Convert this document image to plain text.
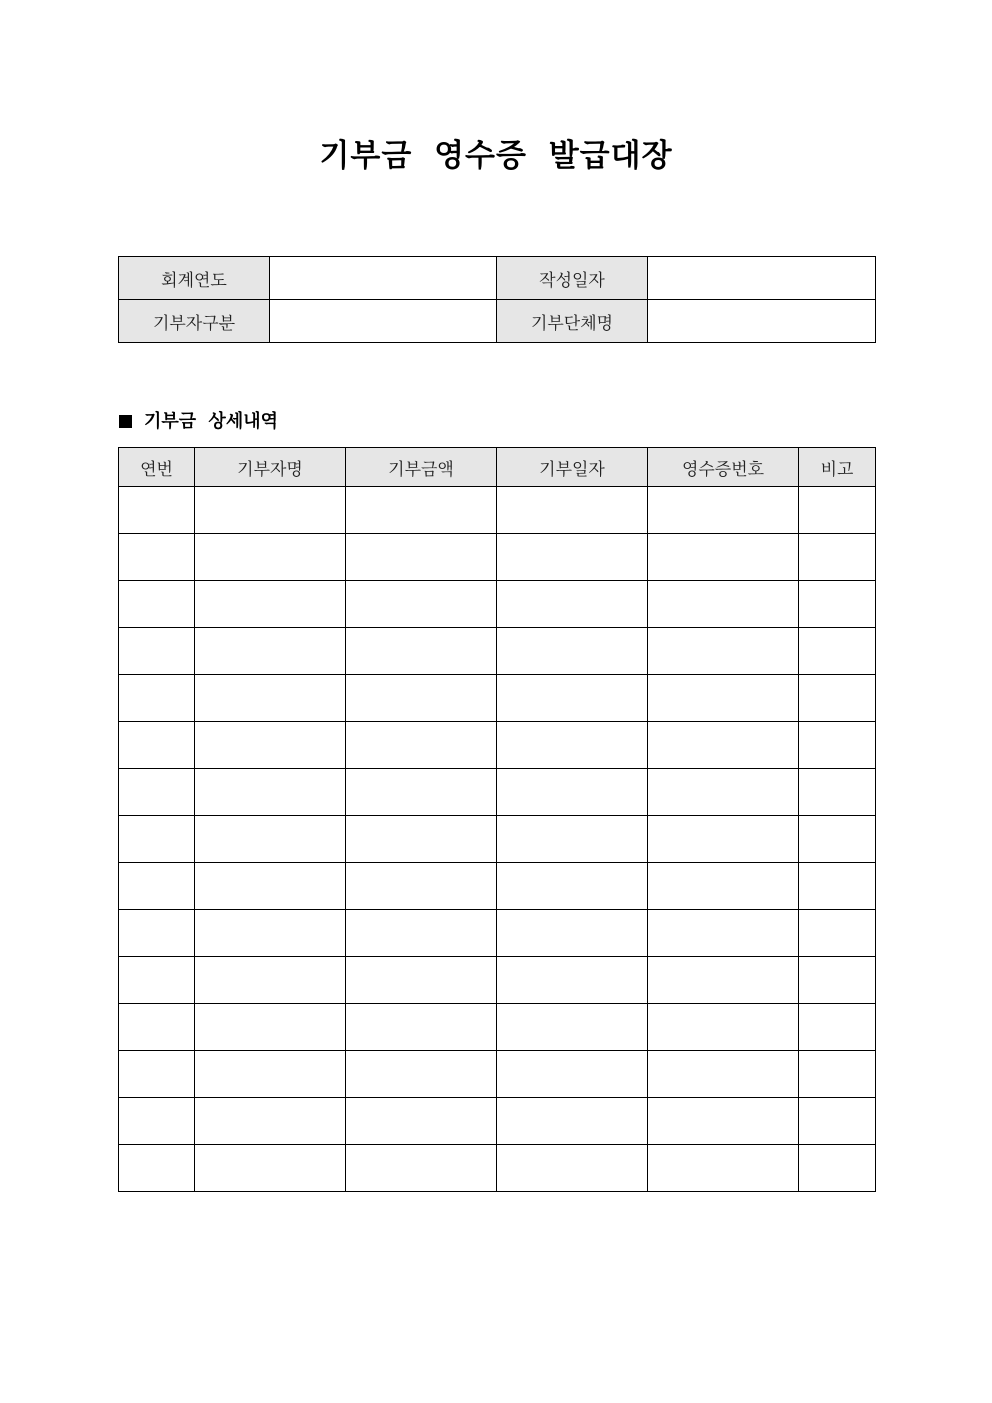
기부금 영수증 발급대장
회계연도		작성일자	
기부자구분		기부단체명	
기부금 상세내역
연번	기부자명	기부금액	기부일자	영수증번호	비고
